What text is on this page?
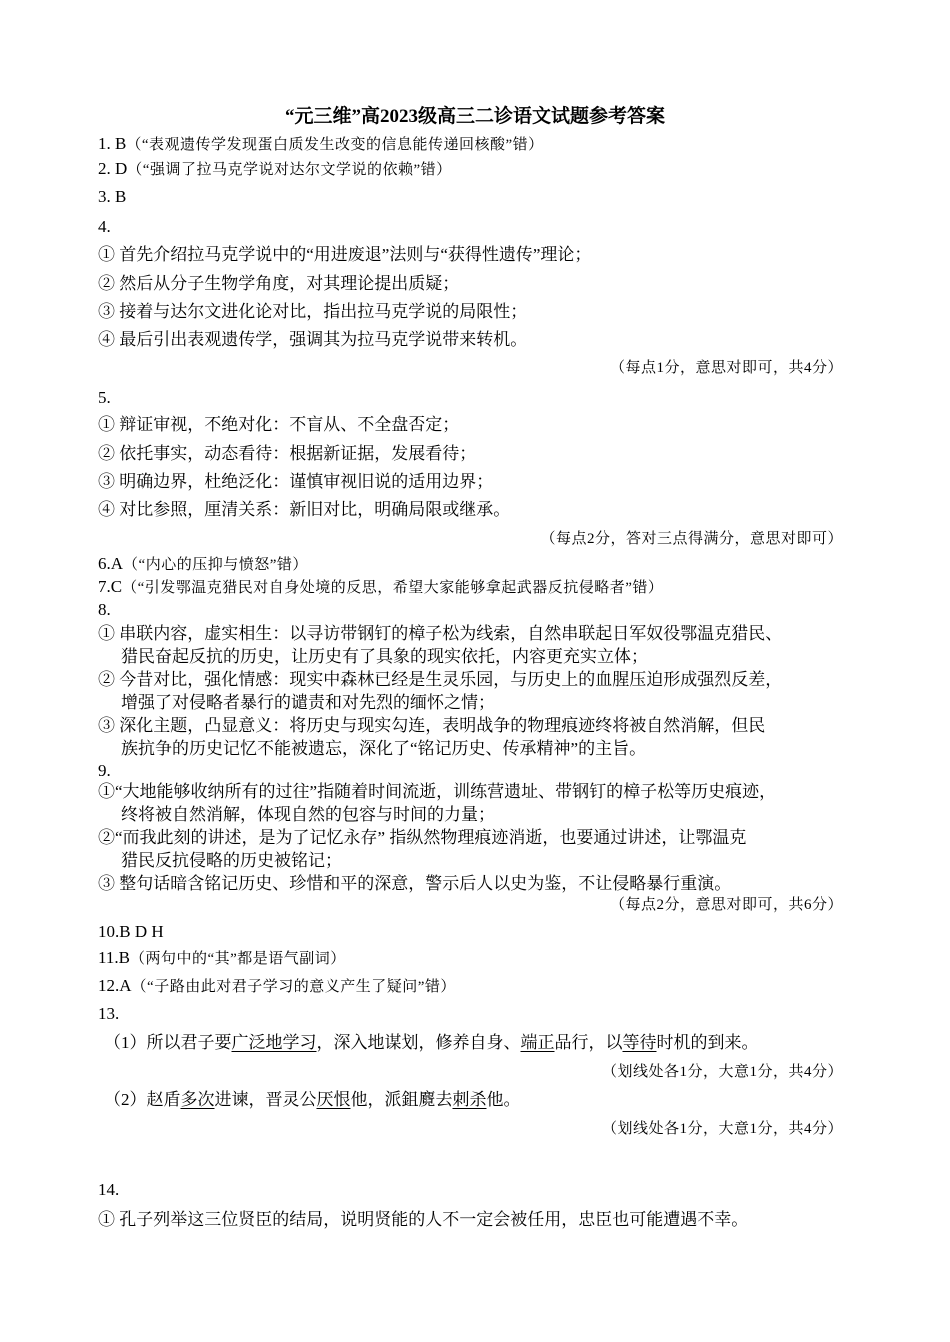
“元三维”高2023级高三二诊语文试题参考答案
1. B（“表观遗传学发现蛋白质发生改变的信息能传递回核酸”错）
2. D（“强调了拉马克学说对达尔文学说的依赖”错）
3. B
4.
① 首先介绍拉马克学说中的“用进废退”法则与“获得性遗传”理论；
② 然后从分子生物学角度，对其理论提出质疑；
③ 接着与达尔文进化论对比，指出拉马克学说的局限性；
④ 最后引出表观遗传学，强调其为拉马克学说带来转机。
（每点1分，意思对即可，共4分）
5.
① 辩证审视，不绝对化：不盲从、不全盘否定；
② 依托事实，动态看待：根据新证据，发展看待；
③ 明确边界，杜绝泛化：谨慎审视旧说的适用边界；
④ 对比参照，厘清关系：新旧对比，明确局限或继承。
（每点2分，答对三点得满分，意思对即可）
6.A（“内心的压抑与愤怒”错）
7.C（“引发鄂温克猎民对自身处境的反思，希望大家能够拿起武器反抗侵略者”错）
8.
① 串联内容，虚实相生：以寻访带钢钉的樟子松为线索，自然串联起日军奴役鄂温克猎民、
猎民奋起反抗的历史，让历史有了具象的现实依托，内容更充实立体；
② 今昔对比，强化情感：现实中森林已经是生灵乐园，与历史上的血腥压迫形成强烈反差，
增强了对侵略者暴行的谴责和对先烈的缅怀之情；
③ 深化主题，凸显意义：将历史与现实勾连，表明战争的物理痕迹终将被自然消解，但民
族抗争的历史记忆不能被遗忘，深化了“铭记历史、传承精神”的主旨。
9.
①“大地能够收纳所有的过往”指随着时间流逝，训练营遗址、带钢钉的樟子松等历史痕迹，
终将被自然消解，体现自然的包容与时间的力量；
②“而我此刻的讲述，是为了记忆永存” 指纵然物理痕迹消逝，也要通过讲述，让鄂温克
猎民反抗侵略的历史被铭记；
③ 整句话暗含铭记历史、珍惜和平的深意，警示后人以史为鉴，不让侵略暴行重演。
（每点2分，意思对即可，共6分）
10.B D H
11.B（两句中的“其”都是语气副词）
12.A（“子路由此对君子学习的意义产生了疑问”错）
13.
（1）所以君子要广泛地学习，深入地谋划，修养自身、端正品行，以等待时机的到来。
（划线处各1分，大意1分，共4分）
（2）赵盾多次进谏，晋灵公厌恨他，派鉏麑去刺杀他。
（划线处各1分，大意1分，共4分）
14.
① 孔子列举这三位贤臣的结局，说明贤能的人不一定会被任用，忠臣也可能遭遇不幸。
